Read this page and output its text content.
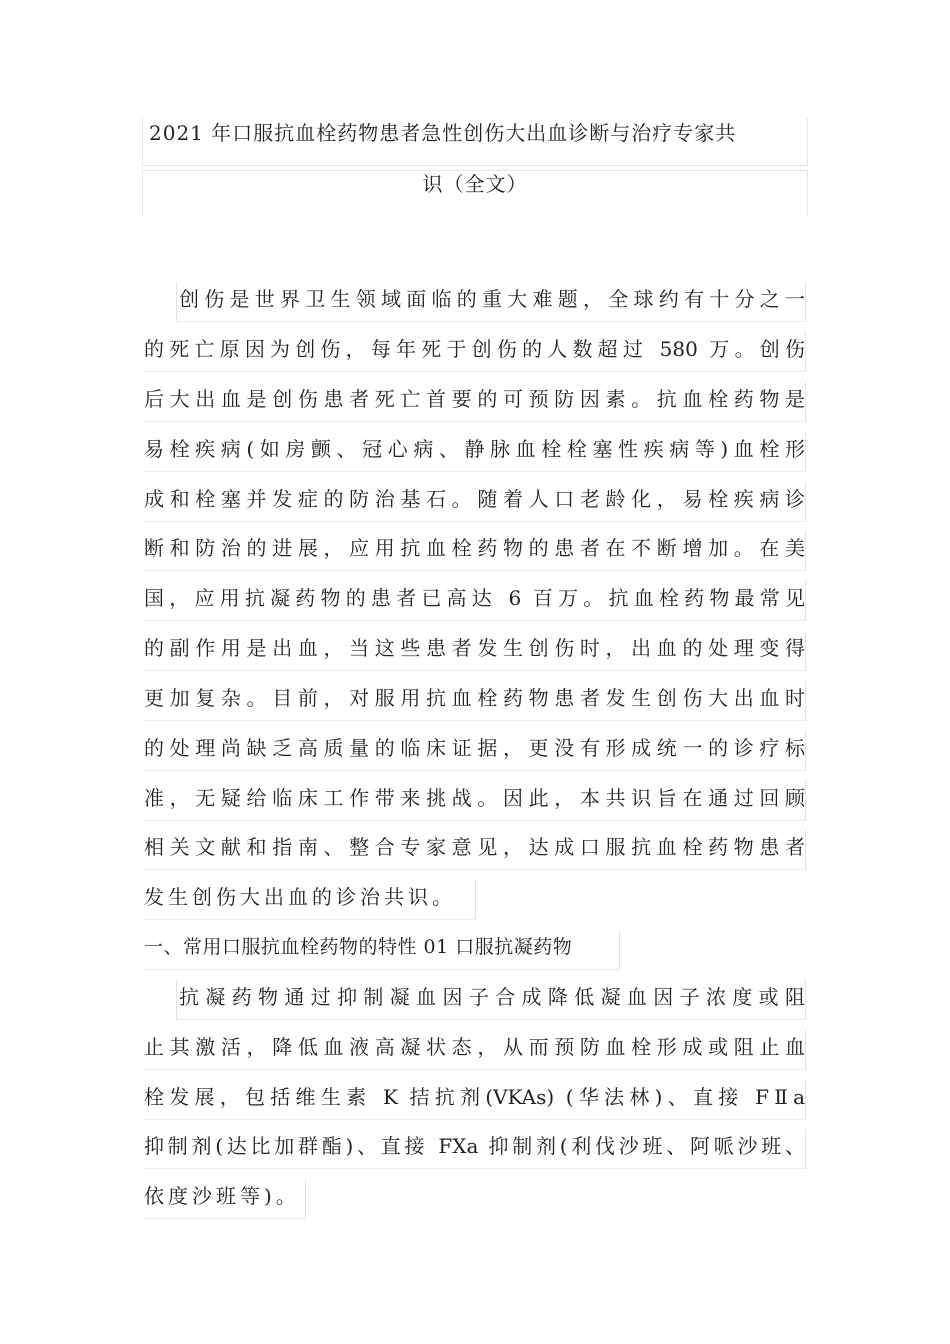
2021 年口服抗血栓药物患者急性创伤大出血诊断与治疗专家共
识（全文）
创伤是世界卫生领域面临的重大难题，全球约有十分之一
的死亡原因为创伤，每年死于创伤的人数超过 580 万。创伤
后大出血是创伤患者死亡首要的可预防因素。抗血栓药物是
易栓疾病(如房颤、冠心病、静脉血栓栓塞性疾病等)血栓形
成和栓塞并发症的防治基石。随着人口老龄化，易栓疾病诊
断和防治的进展，应用抗血栓药物的患者在不断增加。在美
国，应用抗凝药物的患者已高达 6 百万。抗血栓药物最常见
的副作用是出血，当这些患者发生创伤时，出血的处理变得
更加复杂。目前，对服用抗血栓药物患者发生创伤大出血时
的处理尚缺乏高质量的临床证据，更没有形成统一的诊疗标
准，无疑给临床工作带来挑战。因此，本共识旨在通过回顾
相关文献和指南、整合专家意见，达成口服抗血栓药物患者
发生创伤大出血的诊治共识。
一、常用口服抗血栓药物的特性 01 口服抗凝药物
抗凝药物通过抑制凝血因子合成降低凝血因子浓度或阻
止其激活，降低血液高凝状态，从而预防血栓形成或阻止血
栓发展，包括维生素 K 拮抗剂(VKAs) (华法林)、直接 FⅡa
抑制剂(达比加群酯)、直接 FXa 抑制剂(利伐沙班、阿哌沙班、
依度沙班等)。
